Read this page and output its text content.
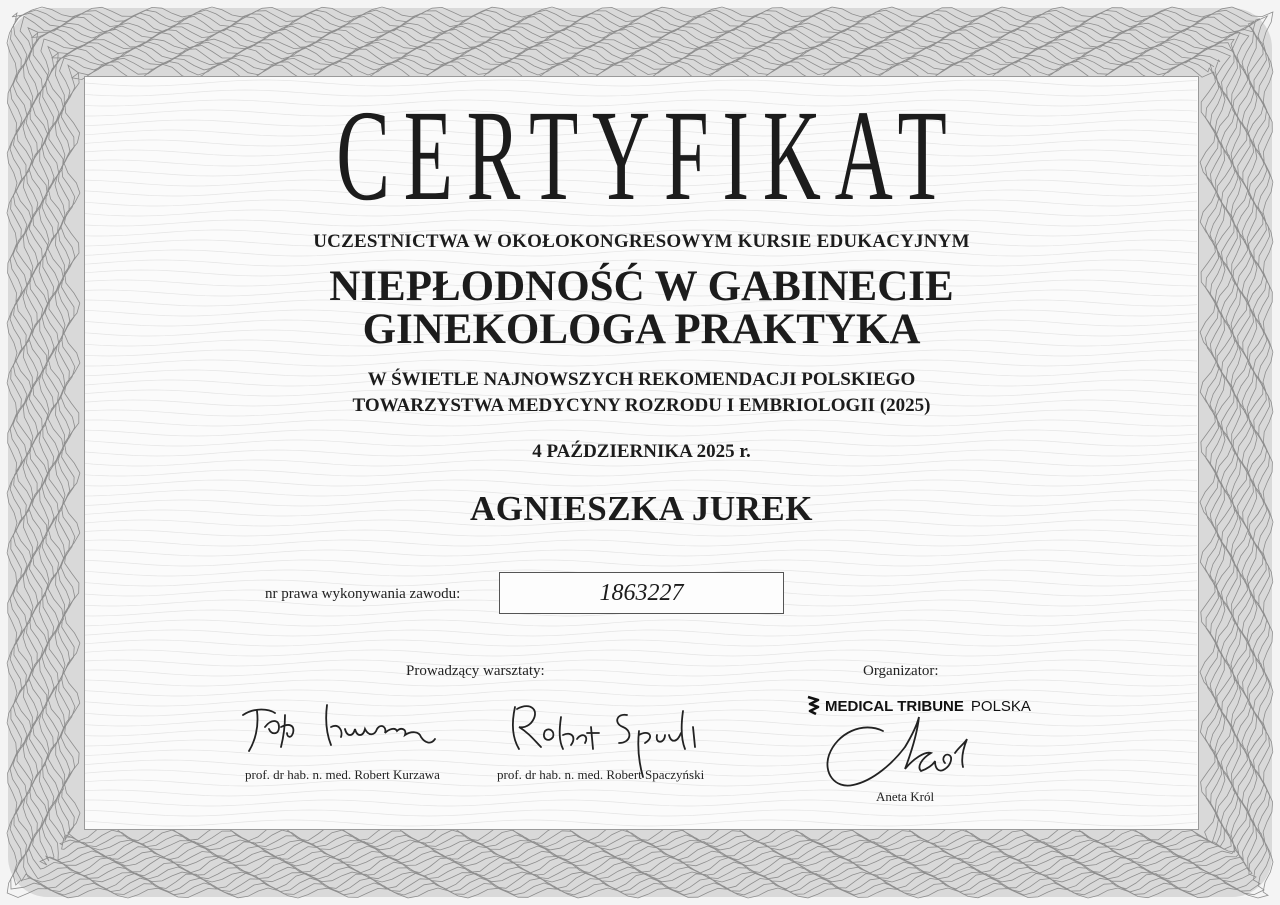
CERTYFIKAT
UCZESTNICTWA W OKOŁOKONGRESOWYM KURSIE EDUKACYJNYM
NIEPŁODNOŚĆ W GABINECIE
GINEKOLOGA PRAKTYKA
W ŚWIETLE NAJNOWSZYCH REKOMENDACJI POLSKIEGO
TOWARZYSTWA MEDYCYNY ROZRODU I EMBRIOLOGII (2025)
4 PAŹDZIERNIKA 2025 r.
AGNIESZKA JUREK
nr prawa wykonywania zawodu:	1863227
Prowadzący warsztaty:	Organizator:
MEDICAL TRIBUNE POLSKA
prof. dr hab. n. med. Robert Kurzawa	prof. dr hab. n. med. Robert Spaczyński
Aneta Król
